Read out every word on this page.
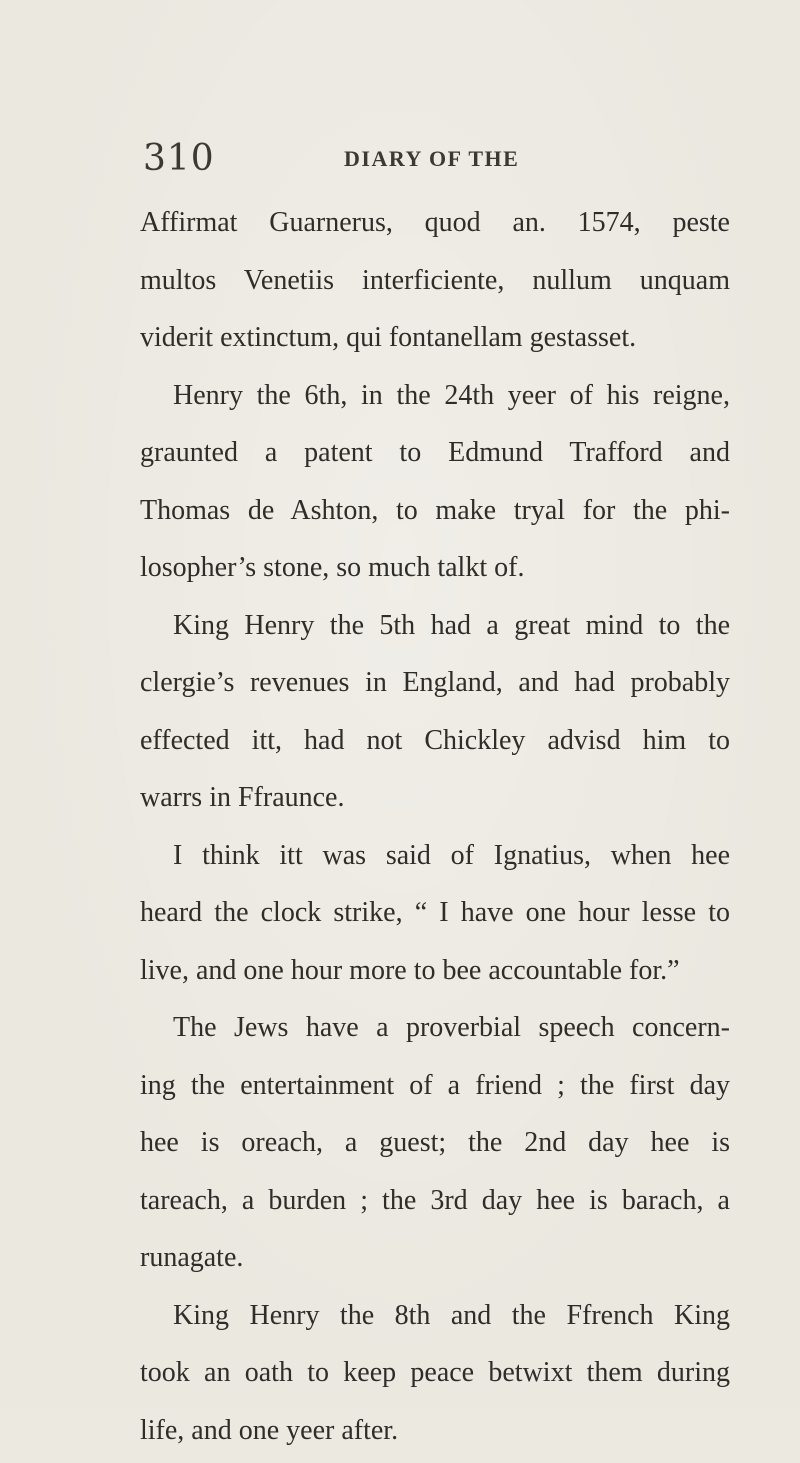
310	DIARY OF THE
Affirmat Guarnerus, quod an. 1574, peste
multos Venetiis interficiente, nullum unquam
viderit extinctum, qui fontanellam gestasset.
Henry the 6th, in the 24th yeer of his reigne,
graunted a patent to Edmund Trafford and
Thomas de Ashton, to make tryal for the phi-
losopher’s stone, so much talkt of.
King Henry the 5th had a great mind to the
clergie’s revenues in England, and had probably
effected itt, had not Chickley advisd him to
warrs in Ffraunce.
I think itt was said of Ignatius, when hee
heard the clock strike, “ I have one hour lesse to
live, and one hour more to bee accountable for.”
The Jews have a proverbial speech concern-
ing the entertainment of a friend ; the first day
hee is oreach, a guest; the 2nd day hee is
tareach, a burden ; the 3rd day hee is barach, a
runagate.
King Henry the 8th and the Ffrench King
took an oath to keep peace betwixt them during
life, and one yeer after.
